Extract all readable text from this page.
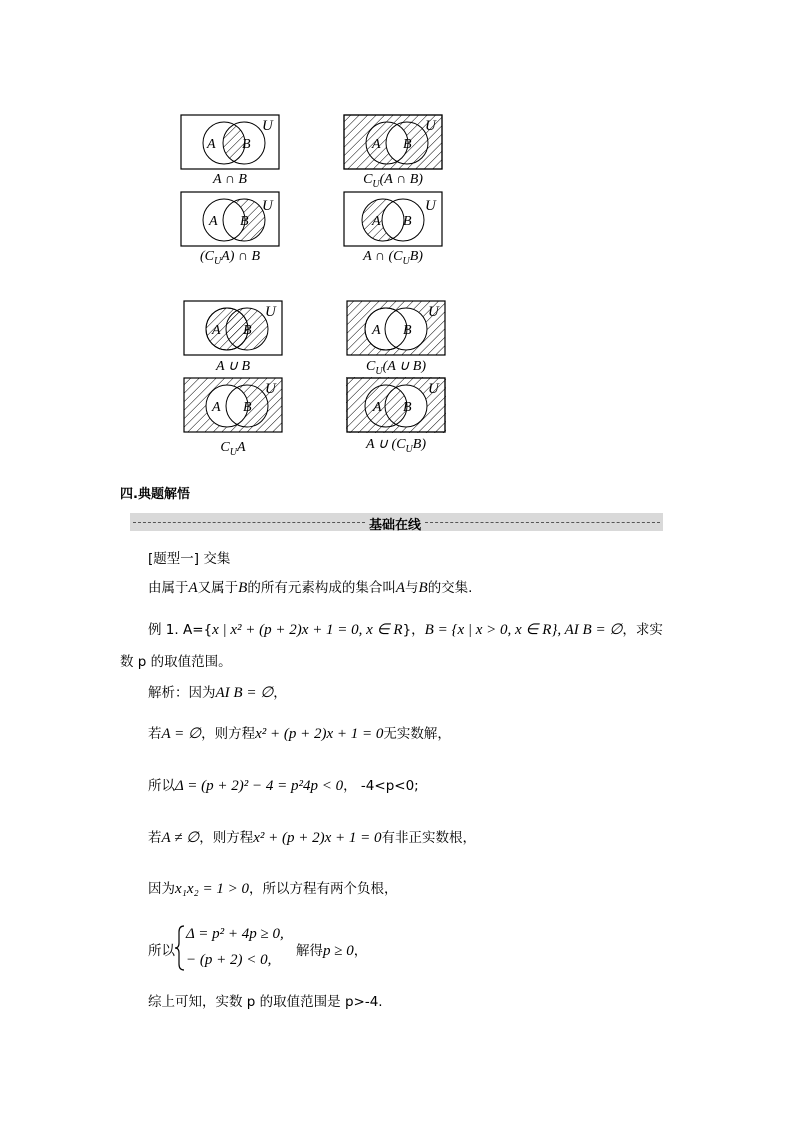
A B
U
A ∩ B
A B
U
$C_U(A$ ∩ B)
A B
U
$(C_UA)$ ∩ B
A B
U
A ∩ $(C_UB)$
A B
U
A ∪ B
A B
U
$C_U(A$ ∪ B)
A B
U
$C_UA$
A B
U
A ∪ $(C_UB)$
四.典题解悟
基础在线
[题型一] 交集
由属于A又属于B的所有元素构成的集合叫A与B的交集.
例 1. A={x | x² + (p + 2)x + 1 = 0, x ∈ R}，B = {x | x > 0, x ∈ R}, AI B = ∅，求实
数 p 的取值范围。
解析：因为AI B = ∅，
若A = ∅，则方程x² + (p + 2)x + 1 = 0无实数解，
所以Δ = (p + 2)² − 4 = p²4p < 0， -4<p<0;
若A ≠ ∅，则方程x² + (p + 2)x + 1 = 0有非正实数根，
因为x₁x₂ = 1 > 0，所以方程有两个负根，
所以
Δ = p² + 4p ≥ 0,
− (p + 2) < 0,
解得p ≥ 0，
综上可知，实数 p 的取值范围是 p>-4.
